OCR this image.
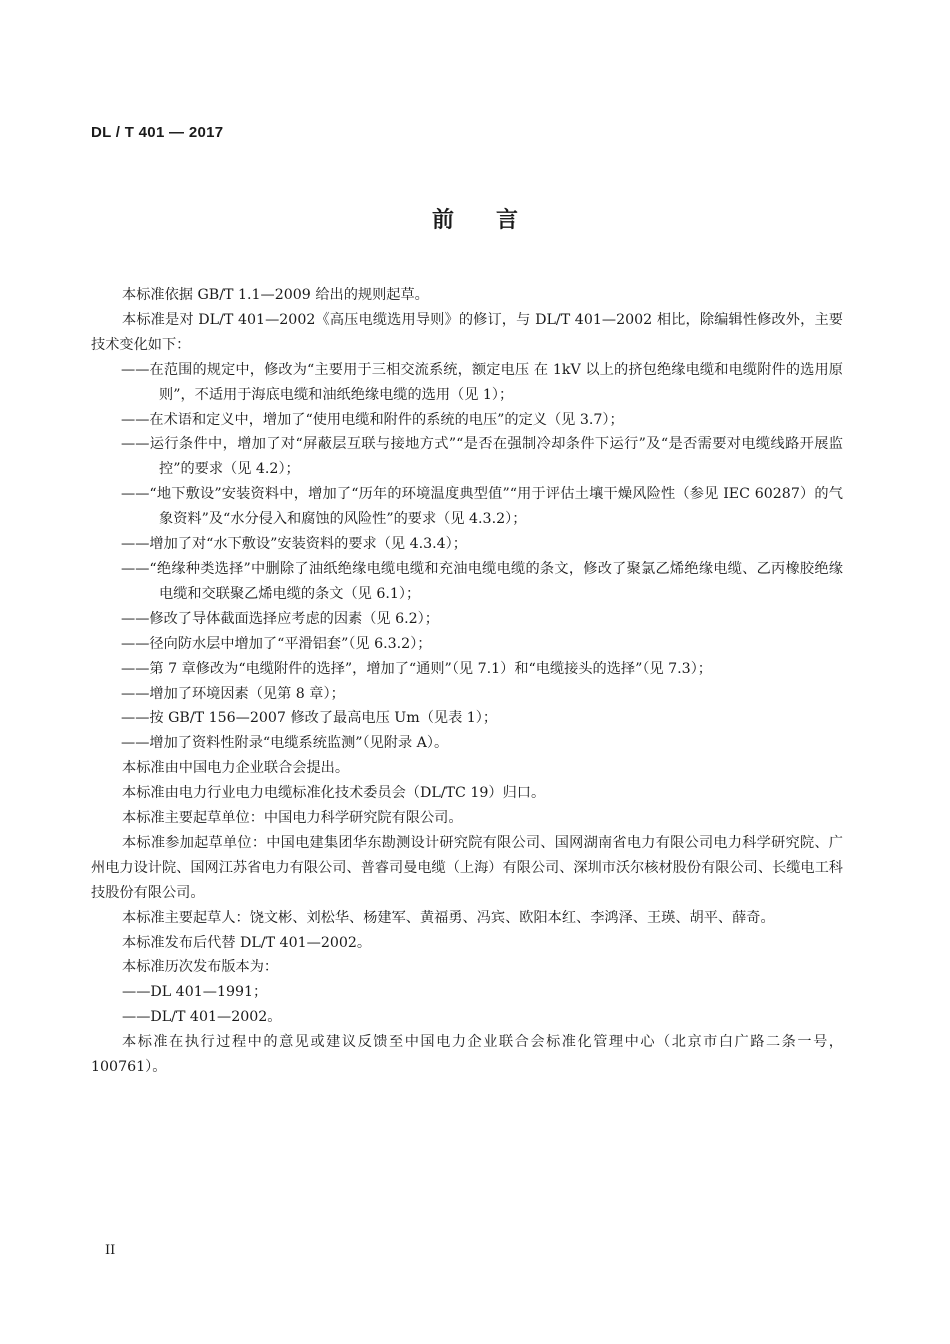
DL / T 401 — 2017
前言

本标准依据 GB/T 1.1—2009 给出的规则起草。

本标准是对 DL/T 401—2002《高压电缆选用导则》的修订，与 DL/T 401—2002 相比，除编辑性修改外，主要技术变化如下：

——在范围的规定中，修改为“主要用于三相交流系统，额定电压 在 1kV 以上的挤包绝缘电缆和电缆附件的选用原则”，不适用于海底电缆和油纸绝缘电缆的选用（见 1）；

——在术语和定义中，增加了“使用电缆和附件的系统的电压”的定义（见 3.7）；

——运行条件中，增加了对“屏蔽层互联与接地方式”“是否在强制冷却条件下运行”及“是否需要对电缆线路开展监控”的要求（见 4.2）；

——“地下敷设”安装资料中，增加了“历年的环境温度典型值”“用于评估土壤干燥风险性（参见 IEC 60287）的气象资料”及“水分侵入和腐蚀的风险性”的要求（见 4.3.2）；

——增加了对“水下敷设”安装资料的要求（见 4.3.4）；

——“绝缘种类选择”中删除了油纸绝缘电缆电缆和充油电缆电缆的条文，修改了聚氯乙烯绝缘电缆、乙丙橡胶绝缘电缆和交联聚乙烯电缆的条文（见 6.1）；

——修改了导体截面选择应考虑的因素（见 6.2）；

——径向防水层中增加了“平滑铝套”（见 6.3.2）；

——第 7 章修改为“电缆附件的选择”，增加了“通则”（见 7.1）和“电缆接头的选择”（见 7.3）；

——增加了环境因素（见第 8 章）；

——按 GB/T 156—2007 修改了最高电压 Um（见表 1）；

——增加了资料性附录“电缆系统监测”（见附录 A）。

本标准由中国电力企业联合会提出。

本标准由电力行业电力电缆标准化技术委员会（DL/TC 19）归口。

本标准主要起草单位：中国电力科学研究院有限公司。

本标准参加起草单位：中国电建集团华东勘测设计研究院有限公司、国网湖南省电力有限公司电力科学研究院、广州电力设计院、国网江苏省电力有限公司、普睿司曼电缆（上海）有限公司、深圳市沃尔核材股份有限公司、长缆电工科技股份有限公司。

本标准主要起草人：饶文彬、刘松华、杨建军、黄福勇、冯宾、欧阳本红、李鸿泽、王瑛、胡平、薛奇。

本标准发布后代替 DL/T 401—2002。

本标准历次发布版本为：

——DL 401—1991；

——DL/T 401—2002。

本标准在执行过程中的意见或建议反馈至中国电力企业联合会标准化管理中心（北京市白广路二条一号，100761）。

II
